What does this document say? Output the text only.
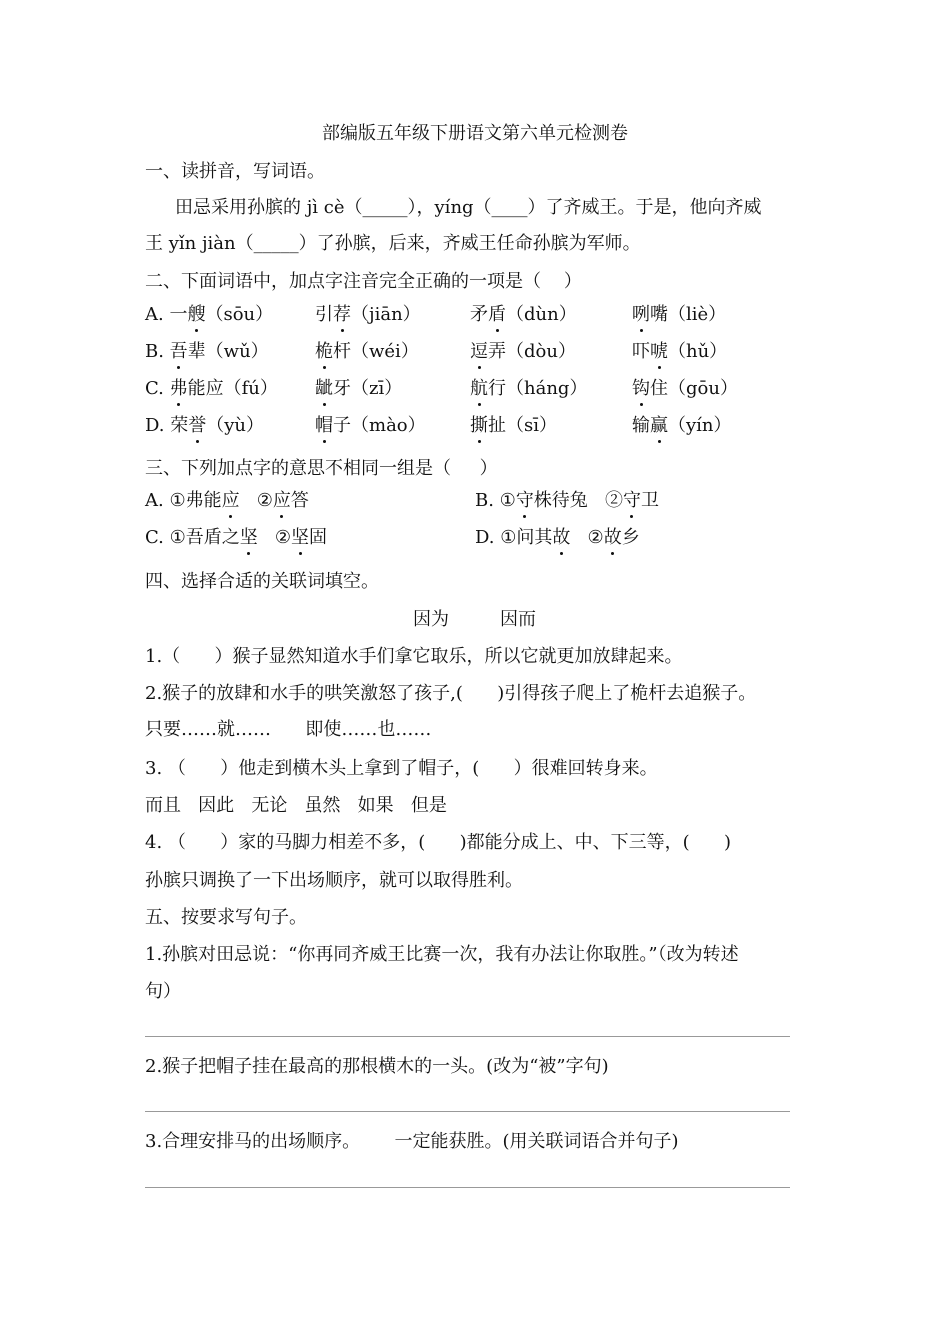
部编版五年级下册语文第六单元检测卷
一、读拼音，写词语。
田忌采用孙膑的 jì cè（_____），yíng（____）了齐威王。于是，他向齐威
王 yǐn jiàn（_____）了孙膑，后来，齐威王任命孙膑为军师。
二、下面词语中，加点字注音完全正确的一项是（    ）
A. 一艘（sōu） 引荐（jiān）	矛盾（dùn）	咧嘴（liè）
B. 吾辈（wǔ）	桅杆（wéi）	逗弄（dòu）	吓唬（hǔ）
C. 弗能应（fú） 龇牙（zī）	航行（háng） 钩住（gōu）
D. 荣誉（yù）	帽子（mào） 撕扯（sī）	输赢（yín）
三、下列加点字的意思不相同一组是（     ）
A. ①弗能应   ②应答	B. ①守株待兔   ②守卫
C. ①吾盾之坚   ②坚固	D. ①问其故   ②故乡
四、选择合适的关联词填空。
因为	因而
1.（      ）猴子显然知道水手们拿它取乐，所以它就更加放肆起来。
2.猴子的放肆和水手的哄笑激怒了孩子,(      )引得孩子爬上了桅杆去追猴子。
只要……就……      即使……也……
3. （      ）他走到横木头上拿到了帽子，(      ）很难回转身来。
而且   因此   无论   虽然   如果   但是
4. （      ）家的马脚力相差不多，(      )都能分成上、中、下三等，(      )
孙膑只调换了一下出场顺序，就可以取得胜利。
五、按要求写句子。
1.孙膑对田忌说：“你再同齐威王比赛一次，我有办法让你取胜。”（改为转述
句）
2.猴子把帽子挂在最高的那根横木的一头。(改为“被”字句)
3.合理安排马的出场顺序。      一定能获胜。(用关联词语合并句子)
